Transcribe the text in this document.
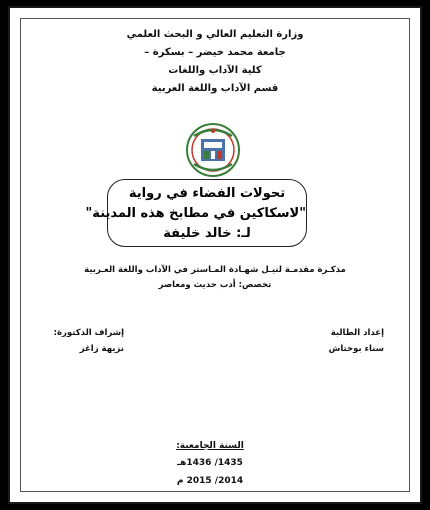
وزارة التعليم العالي و البحث العلمي
جامعة محمد خيضر – بسكرة –
كلية الآداب واللغات
قسم الآداب واللغة العربية
تحولات الفضاء في رواية
"لاسكاكين في مطابخ هذه المدينة"
لـ: خالد خليفة
مذكـرة مقدمـة لنيـل شهـادة المـاستر في الآداب واللغة العـربية
تخصص: أدب حديث ومعاصر
إعداد الطالبة
سناء بوختاش
إشراف الدكتورة:
نزيهة زاغز
السنة الجامعية:
1435/ 1436هـ
2014/ 2015 م
